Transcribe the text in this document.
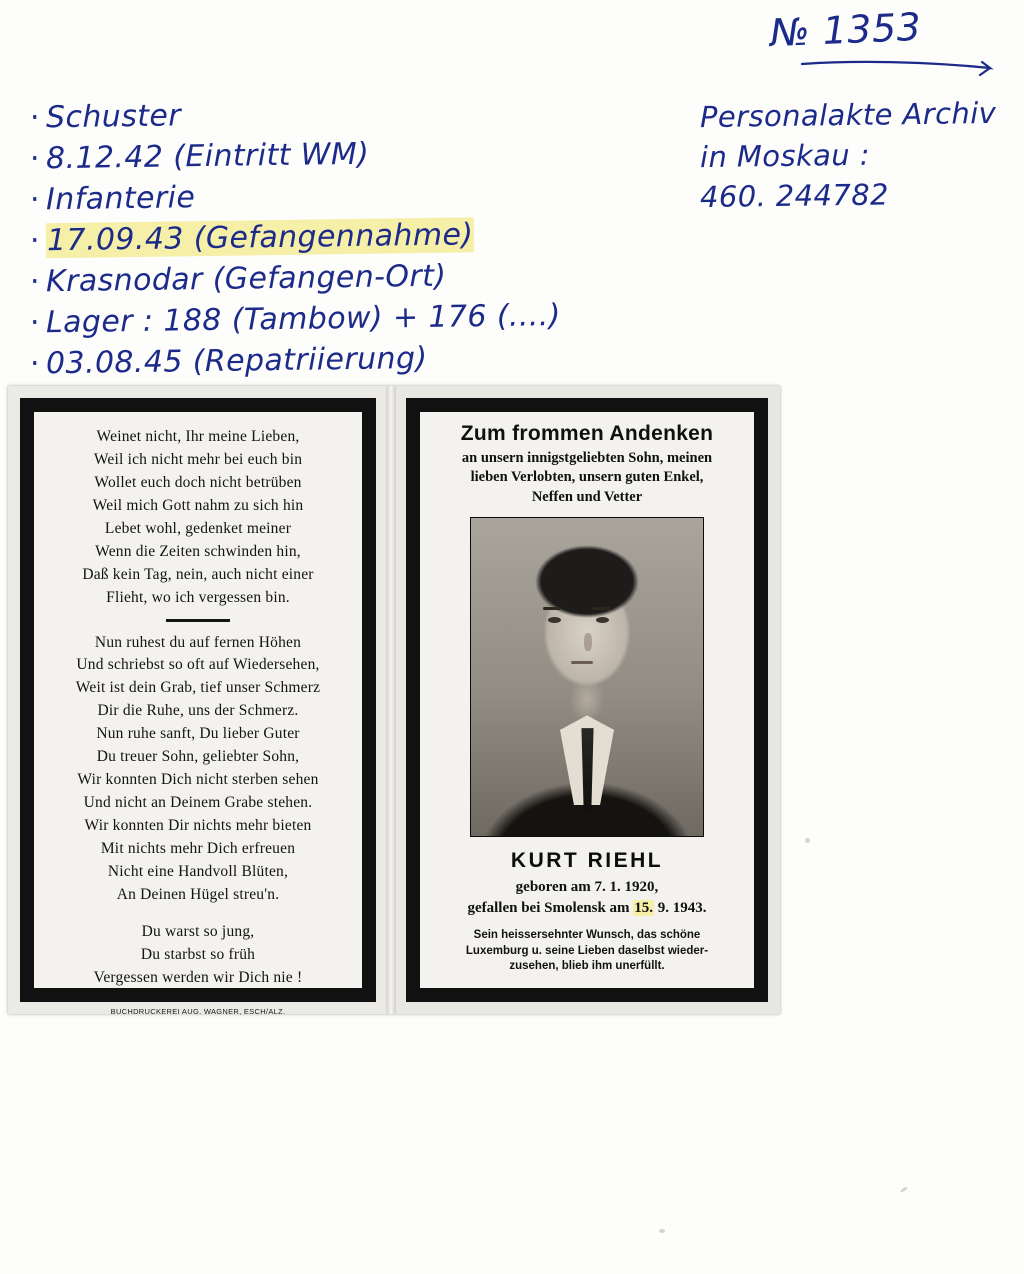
№ 1353
· Schuster
· 8.12.42 (Eintritt WM)
· Infanterie
· 17.09.43 (Gefangennahme)
· Krasnodar (Gefangen-Ort)
· Lager : 188 (Tambow) + 176 (....)
· 03.08.45 (Repatriierung)
Personalakte Archiv
in Moskau :
460. 244782

Weinet nicht, Ihr meine Lieben,

Weil ich nicht mehr bei euch bin

Wollet euch doch nicht betrüben

Weil mich Gott nahm zu sich hin

Lebet wohl, gedenket meiner

Wenn die Zeiten schwinden hin,

Daß kein Tag, nein, auch nicht einer

Flieht, wo ich vergessen bin.

Nun ruhest du auf fernen Höhen

Und schriebst so oft auf Wiedersehen,

Weit ist dein Grab, tief unser Schmerz

Dir die Ruhe, uns der Schmerz.

Nun ruhe sanft, Du lieber Guter

Du treuer Sohn, geliebter Sohn,

Wir konnten Dich nicht sterben sehen

Und nicht an Deinem Grabe stehen.

Wir konnten Dir nichts mehr bieten

Mit nichts mehr Dich erfreuen

Nicht eine Handvoll Blüten,

An Deinen Hügel streu'n.

Du warst so jung,

Du starbst so früh

Vergessen werden wir Dich nie !

BUCHDRUCKEREI AUG. WAGNER, ESCH/ALZ.
Zum frommen Andenken
an unsern innigstgeliebten Sohn, meinen
lieben Verlobten, unsern guten Enkel,
Neffen und Vetter
KURT RIEHL
geboren am 7. 1. 1920,
gefallen bei Smolensk am 15. 9. 1943.
Sein heissersehnter Wunsch, das schöne
Luxemburg u. seine Lieben daselbst wieder-
zusehen, blieb ihm unerfüllt.
